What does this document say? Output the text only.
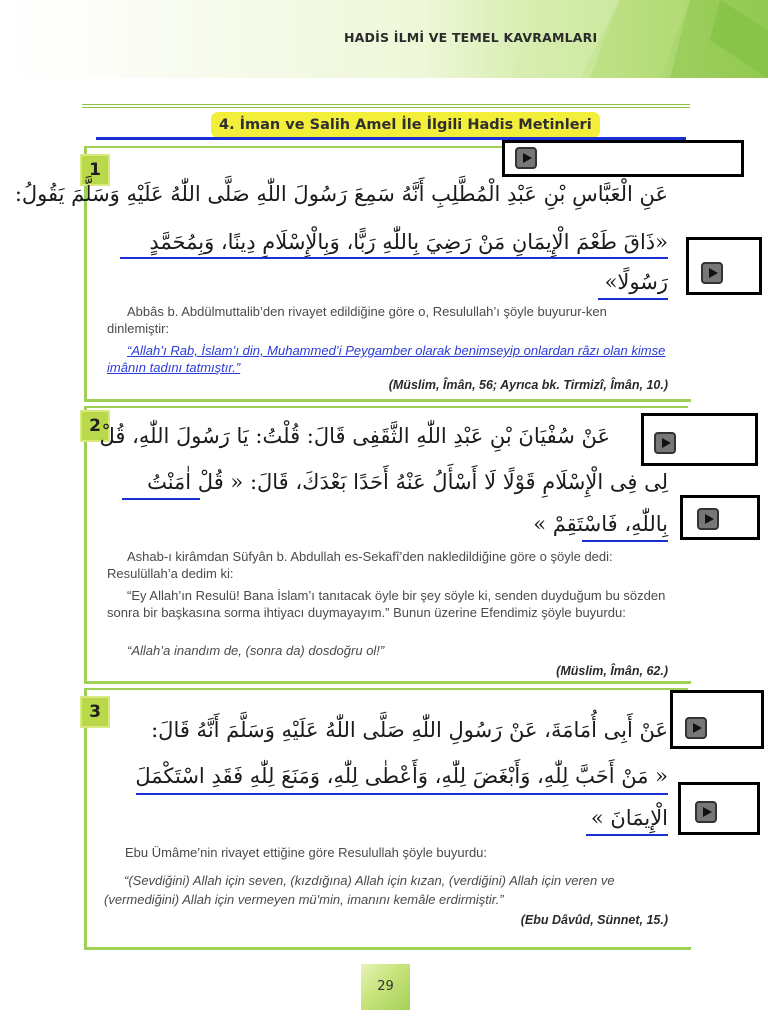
HADİS İLMİ VE TEMEL KAVRAMLARI
4. İman ve Salih Amel İle İlgili Hadis Metinleri
1
عَنِ الْعَبَّاسِ بْنِ عَبْدِ الْمُطَّلِبِ أَنَّهُ سَمِعَ رَسُولَ اللّٰهِ صَلَّى اللّٰهُ عَلَيْهِ وَسَلَّمَ يَقُولُ:
«ذَاقَ طَعْمَ الْإِيمَانِ مَنْ رَضِيَ بِاللّٰهِ رَبًّا، وَبِالْإِسْلَامِ دِينًا، وَبِمُحَمَّدٍ
رَسُولًا»
Abbâs b. Abdülmuttalib’den rivayet edildiğine göre o, Resulullah’ı şöyle buyurur-ken dinlemiştir:
“Allah’ı Rab, İslam’ı din, Muhammed’i Peygamber olarak benimseyip onlardan râzı olan kimse imânın tadını tatmıştır.”
(Müslim, Îmân, 56; Ayrıca bk. Tirmizî, Îmân, 10.)
2
عَنْ سُفْيَانَ بْنِ عَبْدِ اللّٰهِ الثَّقَفِى قَالَ: قُلْتُ: يَا رَسُولَ اللّٰهِ، قُلْ
لِى فِى الْإِسْلَامِ قَوْلًا لَا أَسْأَلُ عَنْهُ أَحَدًا بَعْدَكَ، قَالَ: « قُلْ اٰمَنْتُ
بِاللّٰهِ، فَاسْتَقِمْ »
Ashab-ı kirâmdan Süfyân b. Abdullah es-Sekafî’den nakledildiğine göre o şöyle dedi: Resulüllah’a dedim ki:
“Ey Allah’ın Resulü! Bana İslam’ı tanıtacak öyle bir şey söyle ki, senden duyduğum bu sözden sonra bir başkasına sorma ihtiyacı duymayayım.” Bunun üzerine Efendimiz şöyle buyurdu:
“Allah’a inandım de, (sonra da) dosdoğru ol!”
(Müslim, Îmân, 62.)
3
عَنْ أَبِى أُمَامَةَ، عَنْ رَسُولِ اللّٰهِ صَلَّى اللّٰهُ عَلَيْهِ وَسَلَّمَ أَنَّهُ قَالَ:
« مَنْ أَحَبَّ لِلّٰهِ، وَأَبْغَضَ لِلّٰهِ، وَأَعْطٰى لِلّٰهِ، وَمَنَعَ لِلّٰهِ فَقَدِ اسْتَكْمَلَ
الْإِيمَانَ »
Ebu Ümâme’nin rivayet ettiğine göre Resulullah şöyle buyurdu:
“(Sevdiğini) Allah için seven, (kızdığına) Allah için kızan, (verdiğini) Allah için veren ve (vermediğini) Allah için vermeyen mü'min, imanını kemâle erdirmiştir.”
(Ebu Dâvûd, Sünnet, 15.)
29
